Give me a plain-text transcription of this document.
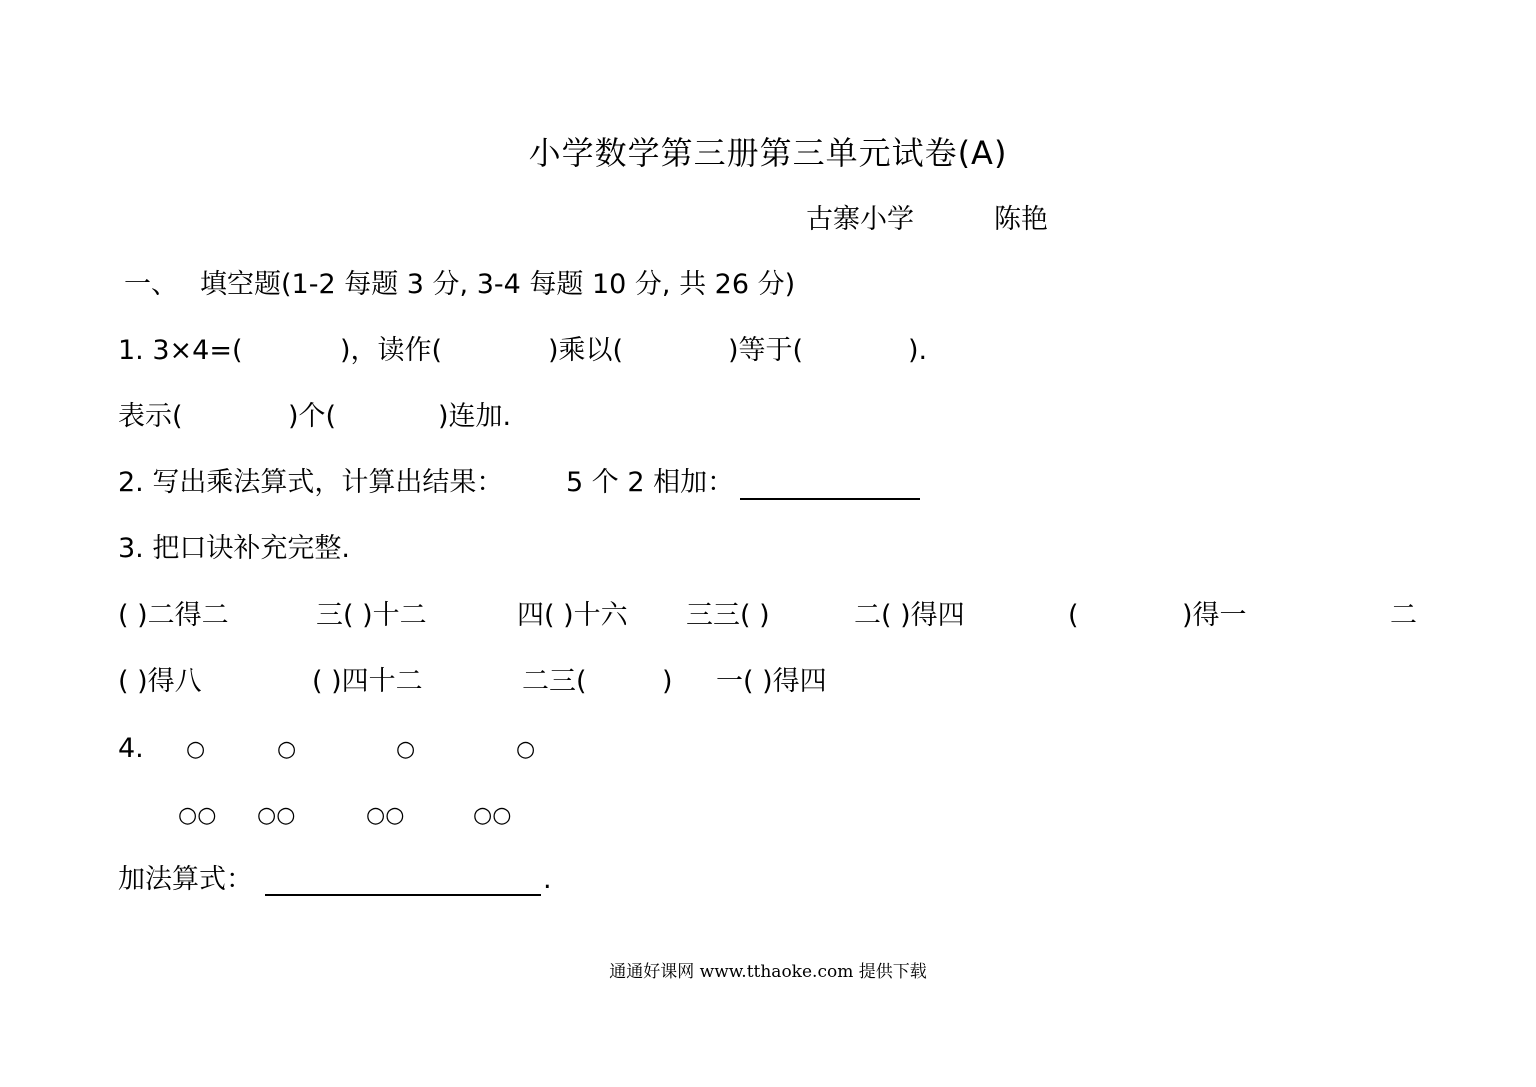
小学数学第三册第三单元试卷(A)
古寨小学	陈艳
一、 填空题(1-2 每题 3 分, 3-4 每题 10 分, 共 26 分)
1. 3×4=(	)，读作(	)乘以(	)等于(	).
表示(	)个(	)连加.
2. 写出乘法算式，计算出结果： 5 个 2 相加：
3. 把口诀补充完整.
( )二得二	三( )十二	四( )十六 三三( )	二( )得四	(	)得一	二
( )得八	( )四十二	二三(	) 一( )得四
4. ○	○	○	○
○○ ○○	○○	○○
加法算式：	.
通通好课网 www.tthaoke.com 提供下载
